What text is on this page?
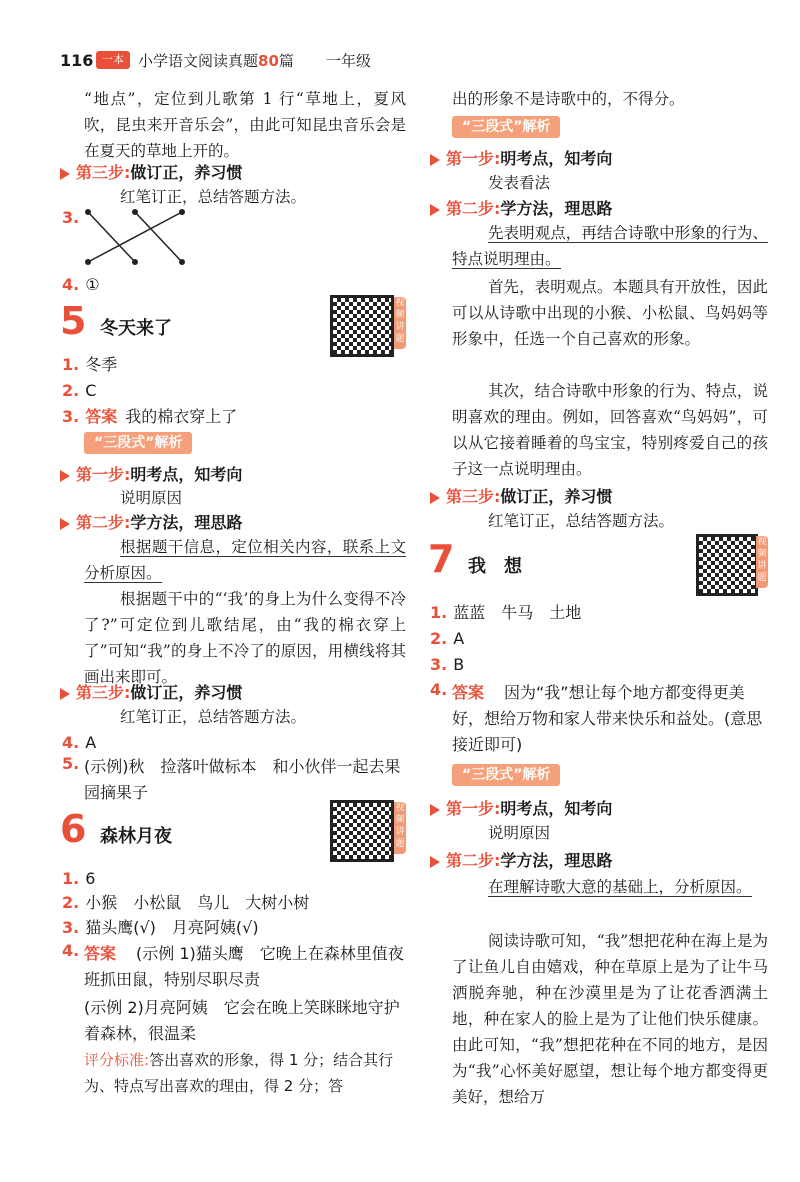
116 一本 小学语文阅读真题80篇 一年级

“地点”，定位到儿歌第 1 行“草地上，夏风吹，昆虫来开音乐会”，由此可知昆虫音乐会是在夏天的草地上开的。

第三步:做订正，养习惯
红笔订正，总结答题方法。
3.
4. ①
5 冬天来了
视频讲题
1. 冬季
2. C
3. 答案 我的棉衣穿上了
“三段式”解析
第一步:明考点，知考向
说明原因
第二步:学方法，理思路

根据题干信息，定位相关内容，联系上文分析原因。

根据题干中的“‘我’的身上为什么变得不冷了?”可定位到儿歌结尾，由“我的棉衣穿上了”可知“我”的身上不冷了的原因，用横线将其画出来即可。

第三步:做订正，养习惯
红笔订正，总结答题方法。
4. A
5. (示例)秋　捡落叶做标本　和小伙伴一起去果园摘果子
6 森林月夜
视频讲题
1. 6
2. 小猴　小松鼠　鸟儿　大树小树
3. 猫头鹰(√)　月亮阿姨(√)
4. 答案	(示例 1)猫头鹰　它晚上在森林里值夜班抓田鼠，特别尽职尽责
(示例 2)月亮阿姨　它会在晚上笑眯眯地守护着森林，很温柔
评分标准:答出喜欢的形象，得 1 分；结合其行为、特点写出喜欢的理由，得 2 分；答
出的形象不是诗歌中的，不得分。
“三段式”解析
第一步:明考点，知考向
发表看法
第二步:学方法，理思路

先表明观点，再结合诗歌中形象的行为、特点说明理由。

首先，表明观点。本题具有开放性，因此可以从诗歌中出现的小猴、小松鼠、鸟妈妈等形象中，任选一个自己喜欢的形象。

其次，结合诗歌中形象的行为、特点，说明喜欢的理由。例如，回答喜欢“鸟妈妈”，可以从它接着睡着的鸟宝宝，特别疼爱自己的孩子这一点说明理由。

第三步:做订正，养习惯
红笔订正，总结答题方法。
7 我　想
视频讲题
1. 蓝蓝　牛马　土地
2. A
3. B
4. 答案	因为“我”想让每个地方都变得更美好，想给万物和家人带来快乐和益处。(意思接近即可)
“三段式”解析
第一步:明考点，知考向
说明原因
第二步:学方法，理思路

在理解诗歌大意的基础上，分析原因。

阅读诗歌可知，“我”想把花种在海上是为了让鱼儿自由嬉戏，种在草原上是为了让牛马洒脱奔驰，种在沙漠里是为了让花香洒满土地，种在家人的脸上是为了让他们快乐健康。由此可知，“我”想把花种在不同的地方，是因为“我”心怀美好愿望，想让每个地方都变得更美好，想给万
